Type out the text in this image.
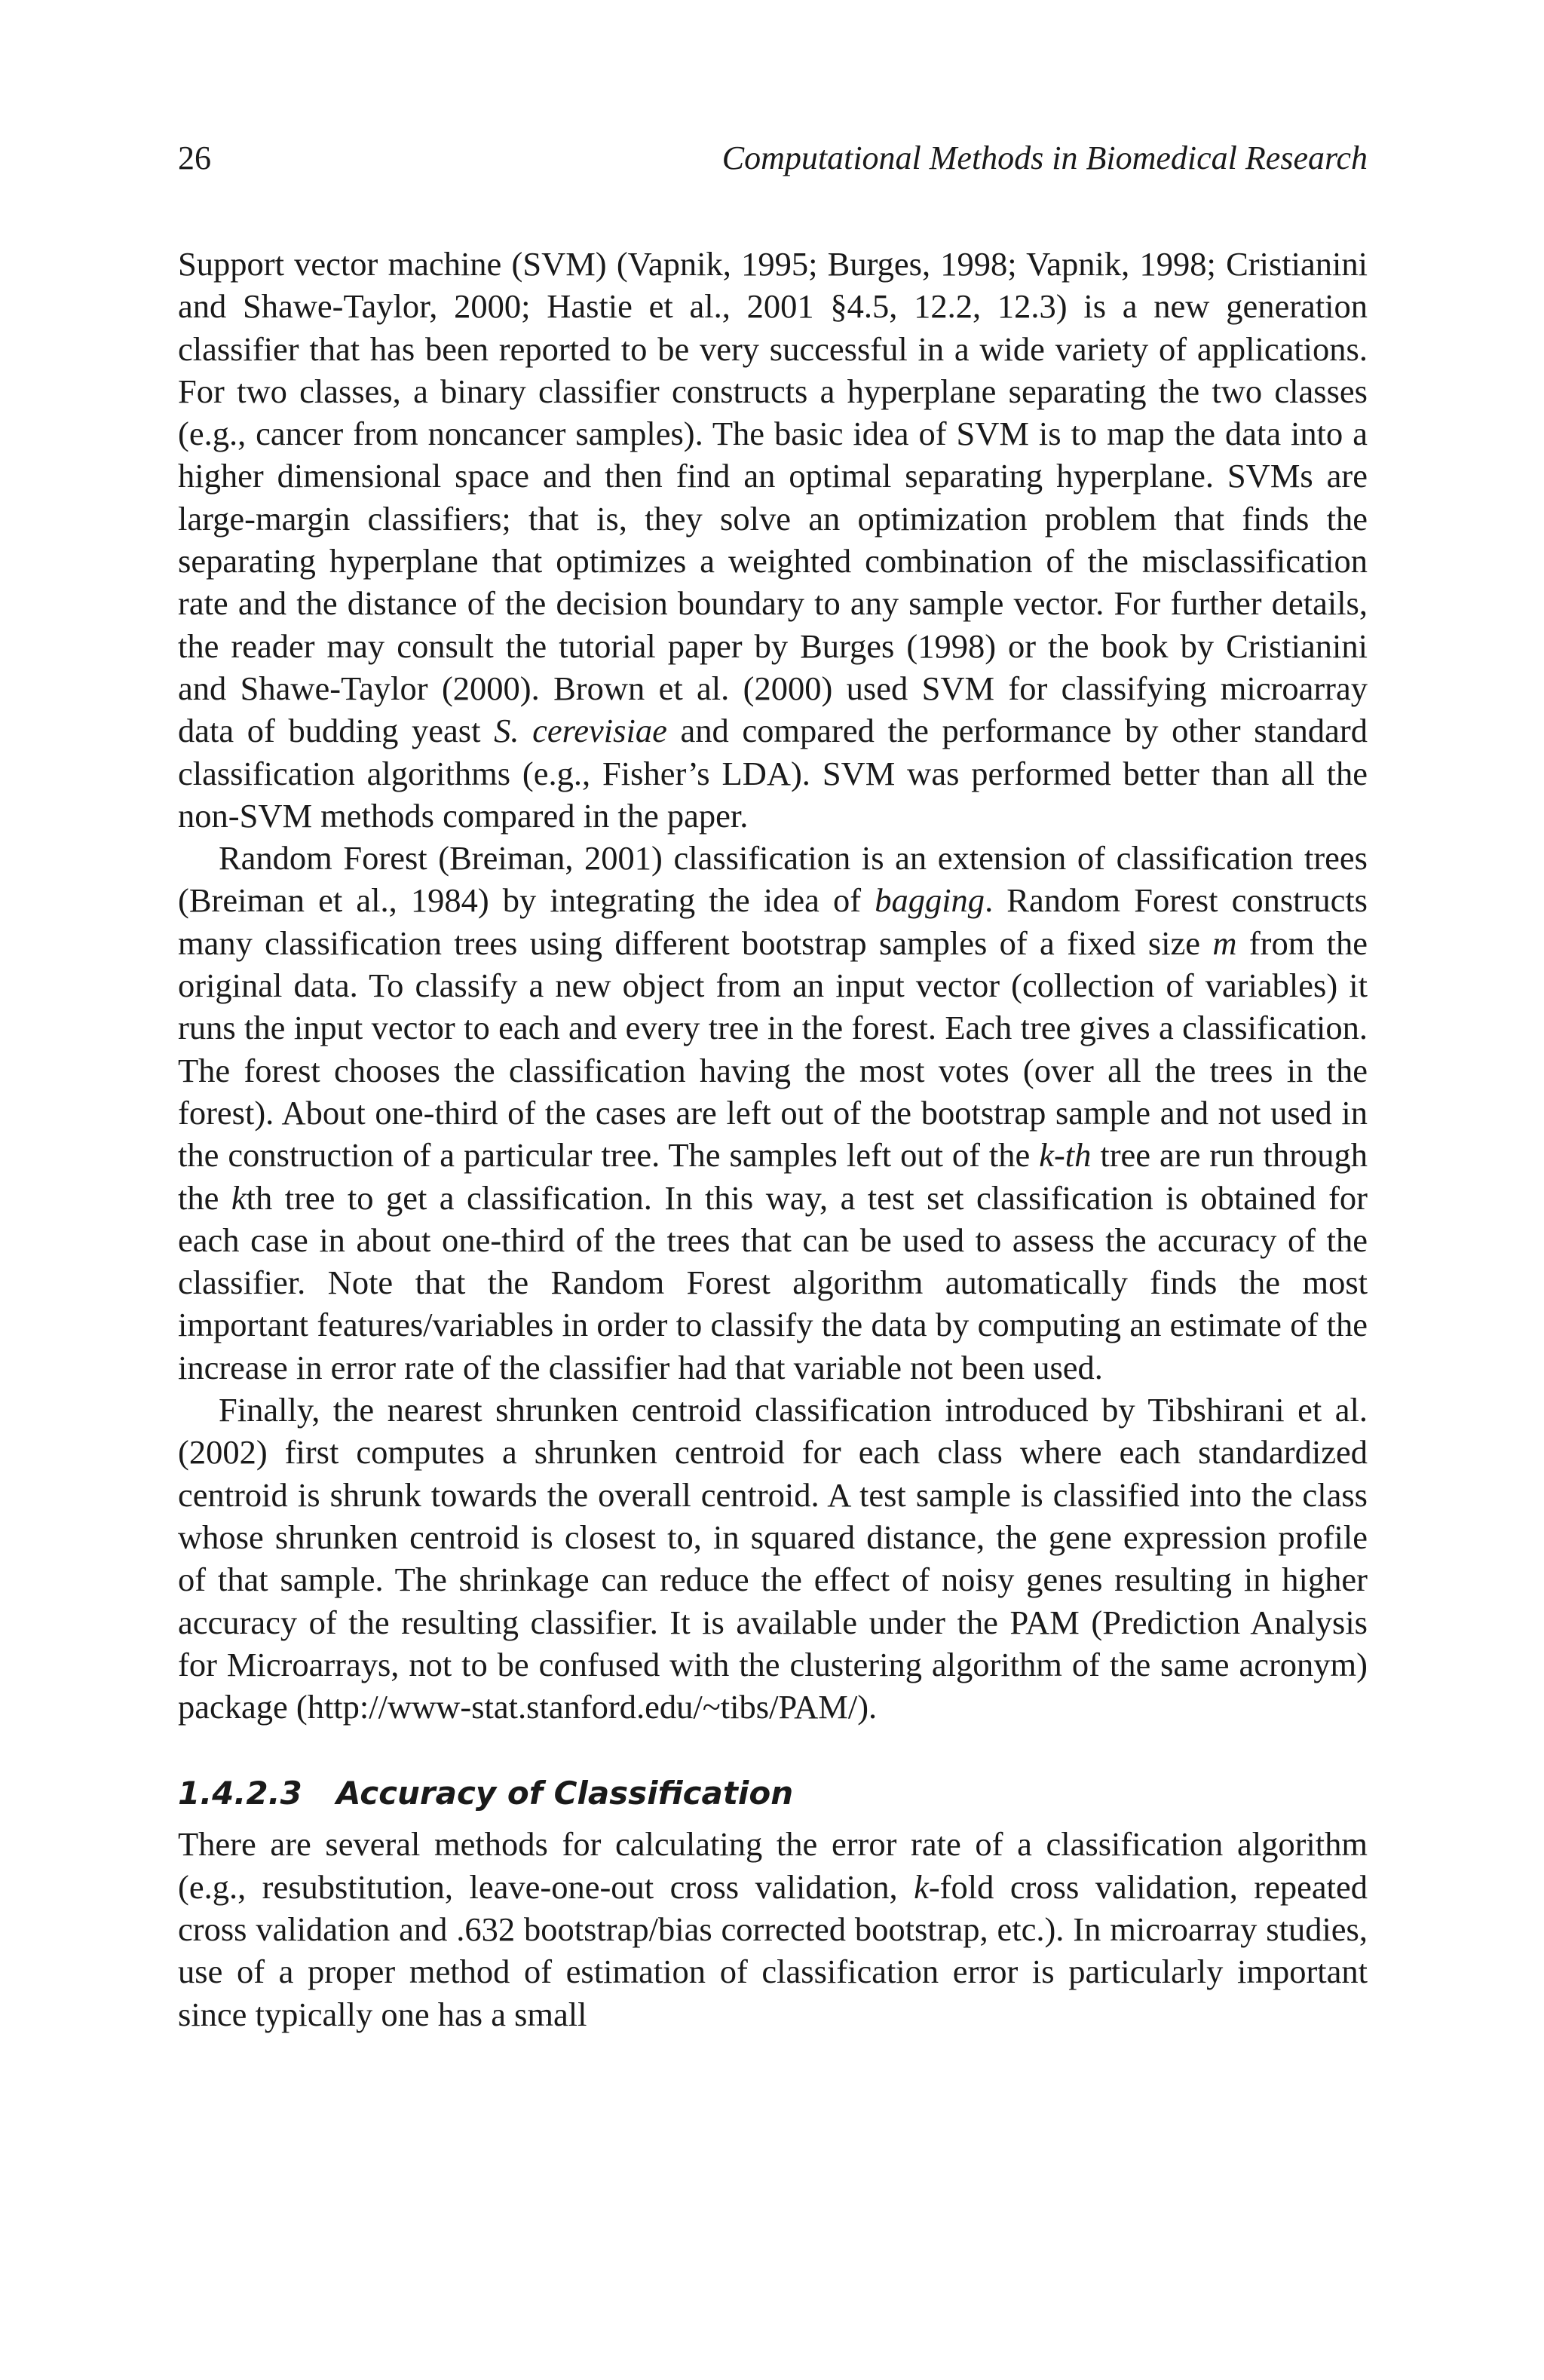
26	Computational Methods in Biomedical Research

Support vector machine (SVM) (Vapnik, 1995; Burges, 1998; Vapnik, 1998; Cristianini and Shawe-Taylor, 2000; Hastie et al., 2001 §4.5, 12.2, 12.3) is a new generation classifier that has been reported to be very successful in a wide variety of applications. For two classes, a binary classifier constructs a hyperplane separating the two classes (e.g., cancer from noncancer samples). The basic idea of SVM is to map the data into a higher dimensional space and then find an optimal separating hyperplane. SVMs are large-margin classifiers; that is, they solve an optimization problem that finds the separating hyperplane that optimizes a weighted combination of the misclassification rate and the distance of the decision boundary to any sample vector. For further details, the reader may consult the tutorial paper by Burges (1998) or the book by Cristianini and Shawe-Taylor (2000). Brown et al. (2000) used SVM for classifying microarray data of budding yeast S. cerevisiae and compared the performance by other standard classification algorithms (e.g., Fisher’s LDA). SVM was performed better than all the non-SVM methods compared in the paper.

Random Forest (Breiman, 2001) classification is an extension of classification trees (Breiman et al., 1984) by integrating the idea of bagging. Random Forest constructs many classification trees using different bootstrap samples of a fixed size m from the original data. To classify a new object from an input vector (collection of variables) it runs the input vector to each and every tree in the forest. Each tree gives a classification. The forest chooses the classification having the most votes (over all the trees in the forest). About one-third of the cases are left out of the bootstrap sample and not used in the construction of a particular tree. The samples left out of the k-th tree are run through the kth tree to get a classification. In this way, a test set classification is obtained for each case in about one-third of the trees that can be used to assess the accuracy of the classifier. Note that the Random Forest algorithm automatically finds the most important features/variables in order to classify the data by computing an estimate of the increase in error rate of the classifier had that variable not been used.

Finally, the nearest shrunken centroid classification introduced by Tibshirani et al. (2002) first computes a shrunken centroid for each class where each standardized centroid is shrunk towards the overall centroid. A test sample is classified into the class whose shrunken centroid is closest to, in squared distance, the gene expression profile of that sample. The shrinkage can reduce the effect of noisy genes resulting in higher accuracy of the resulting classifier. It is available under the PAM (Prediction Analysis for Microarrays, not to be confused with the clustering algorithm of the same acronym) package (http://www-stat.stanford.edu/~tibs/PAM/).

1.4.2.3 Accuracy of Classification

There are several methods for calculating the error rate of a classification algorithm (e.g., resubstitution, leave-one-out cross validation, k-fold cross validation, repeated cross validation and .632 bootstrap/bias corrected bootstrap, etc.). In microarray studies, use of a proper method of estimation of classification error is particularly important since typically one has a small
